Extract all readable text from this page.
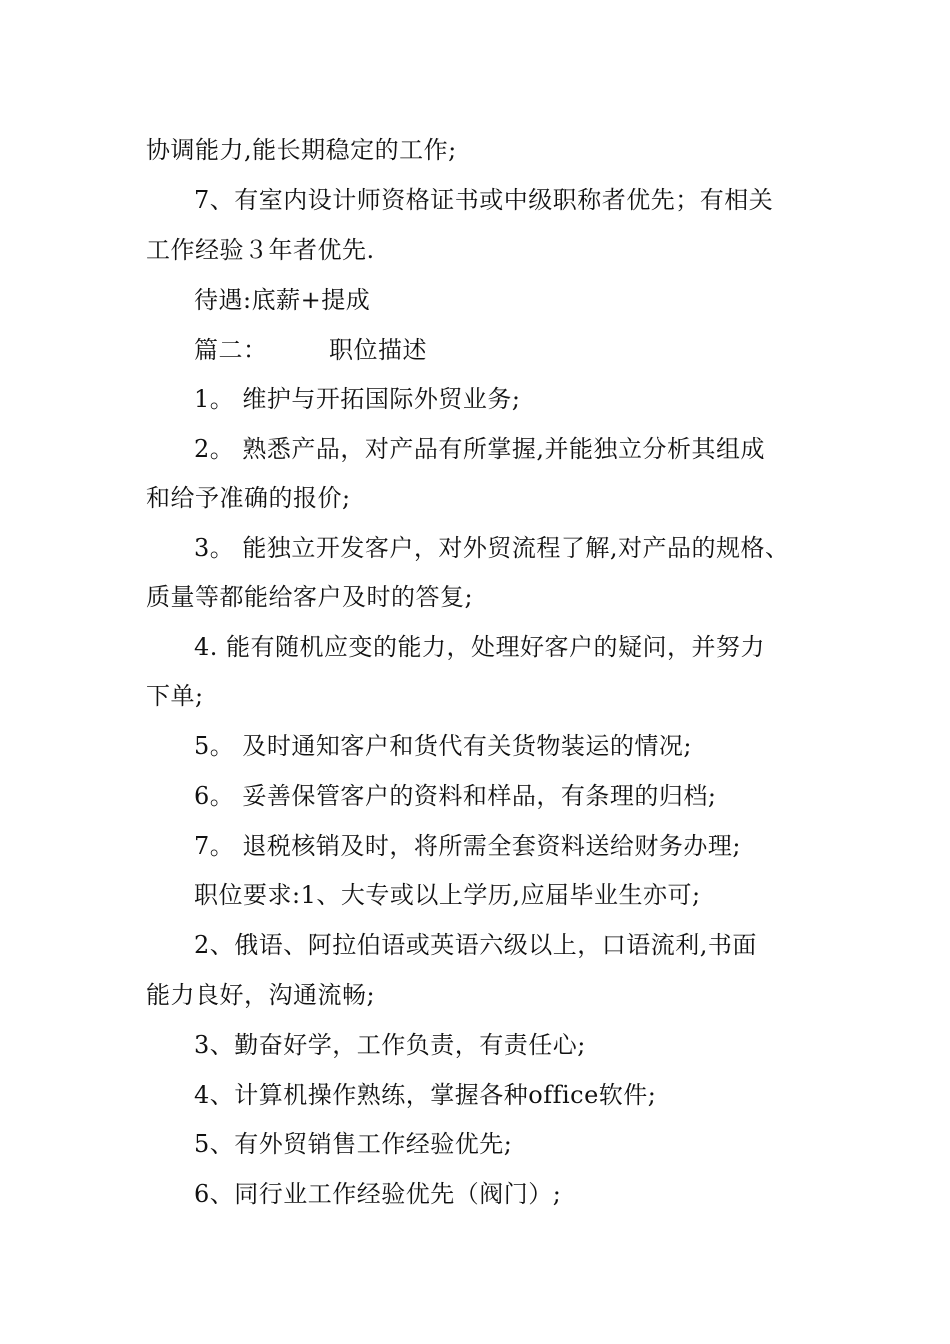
协调能力,能长期稳定的工作;
7、有室内设计师资格证书或中级职称者优先；有相关
工作经验３年者优先.
待遇:底薪+提成
篇二：　　　职位描述
1。 维护与开拓国际外贸业务;
2。 熟悉产品，对产品有所掌握,并能独立分析其组成
和给予准确的报价;
3。 能独立开发客户，对外贸流程了解,对产品的规格、
质量等都能给客户及时的答复;
4. 能有随机应变的能力，处理好客户的疑问，并努力
下单;
5。 及时通知客户和货代有关货物装运的情况;
6。 妥善保管客户的资料和样品，有条理的归档;
7。 退税核销及时，将所需全套资料送给财务办理;
职位要求:1、大专或以上学历,应届毕业生亦可;
2、俄语、阿拉伯语或英语六级以上，口语流利,书面
能力良好，沟通流畅;
3、勤奋好学，工作负责，有责任心;
4、计算机操作熟练，掌握各种office软件;
5、有外贸销售工作经验优先;
6、同行业工作经验优先（阀门）;
